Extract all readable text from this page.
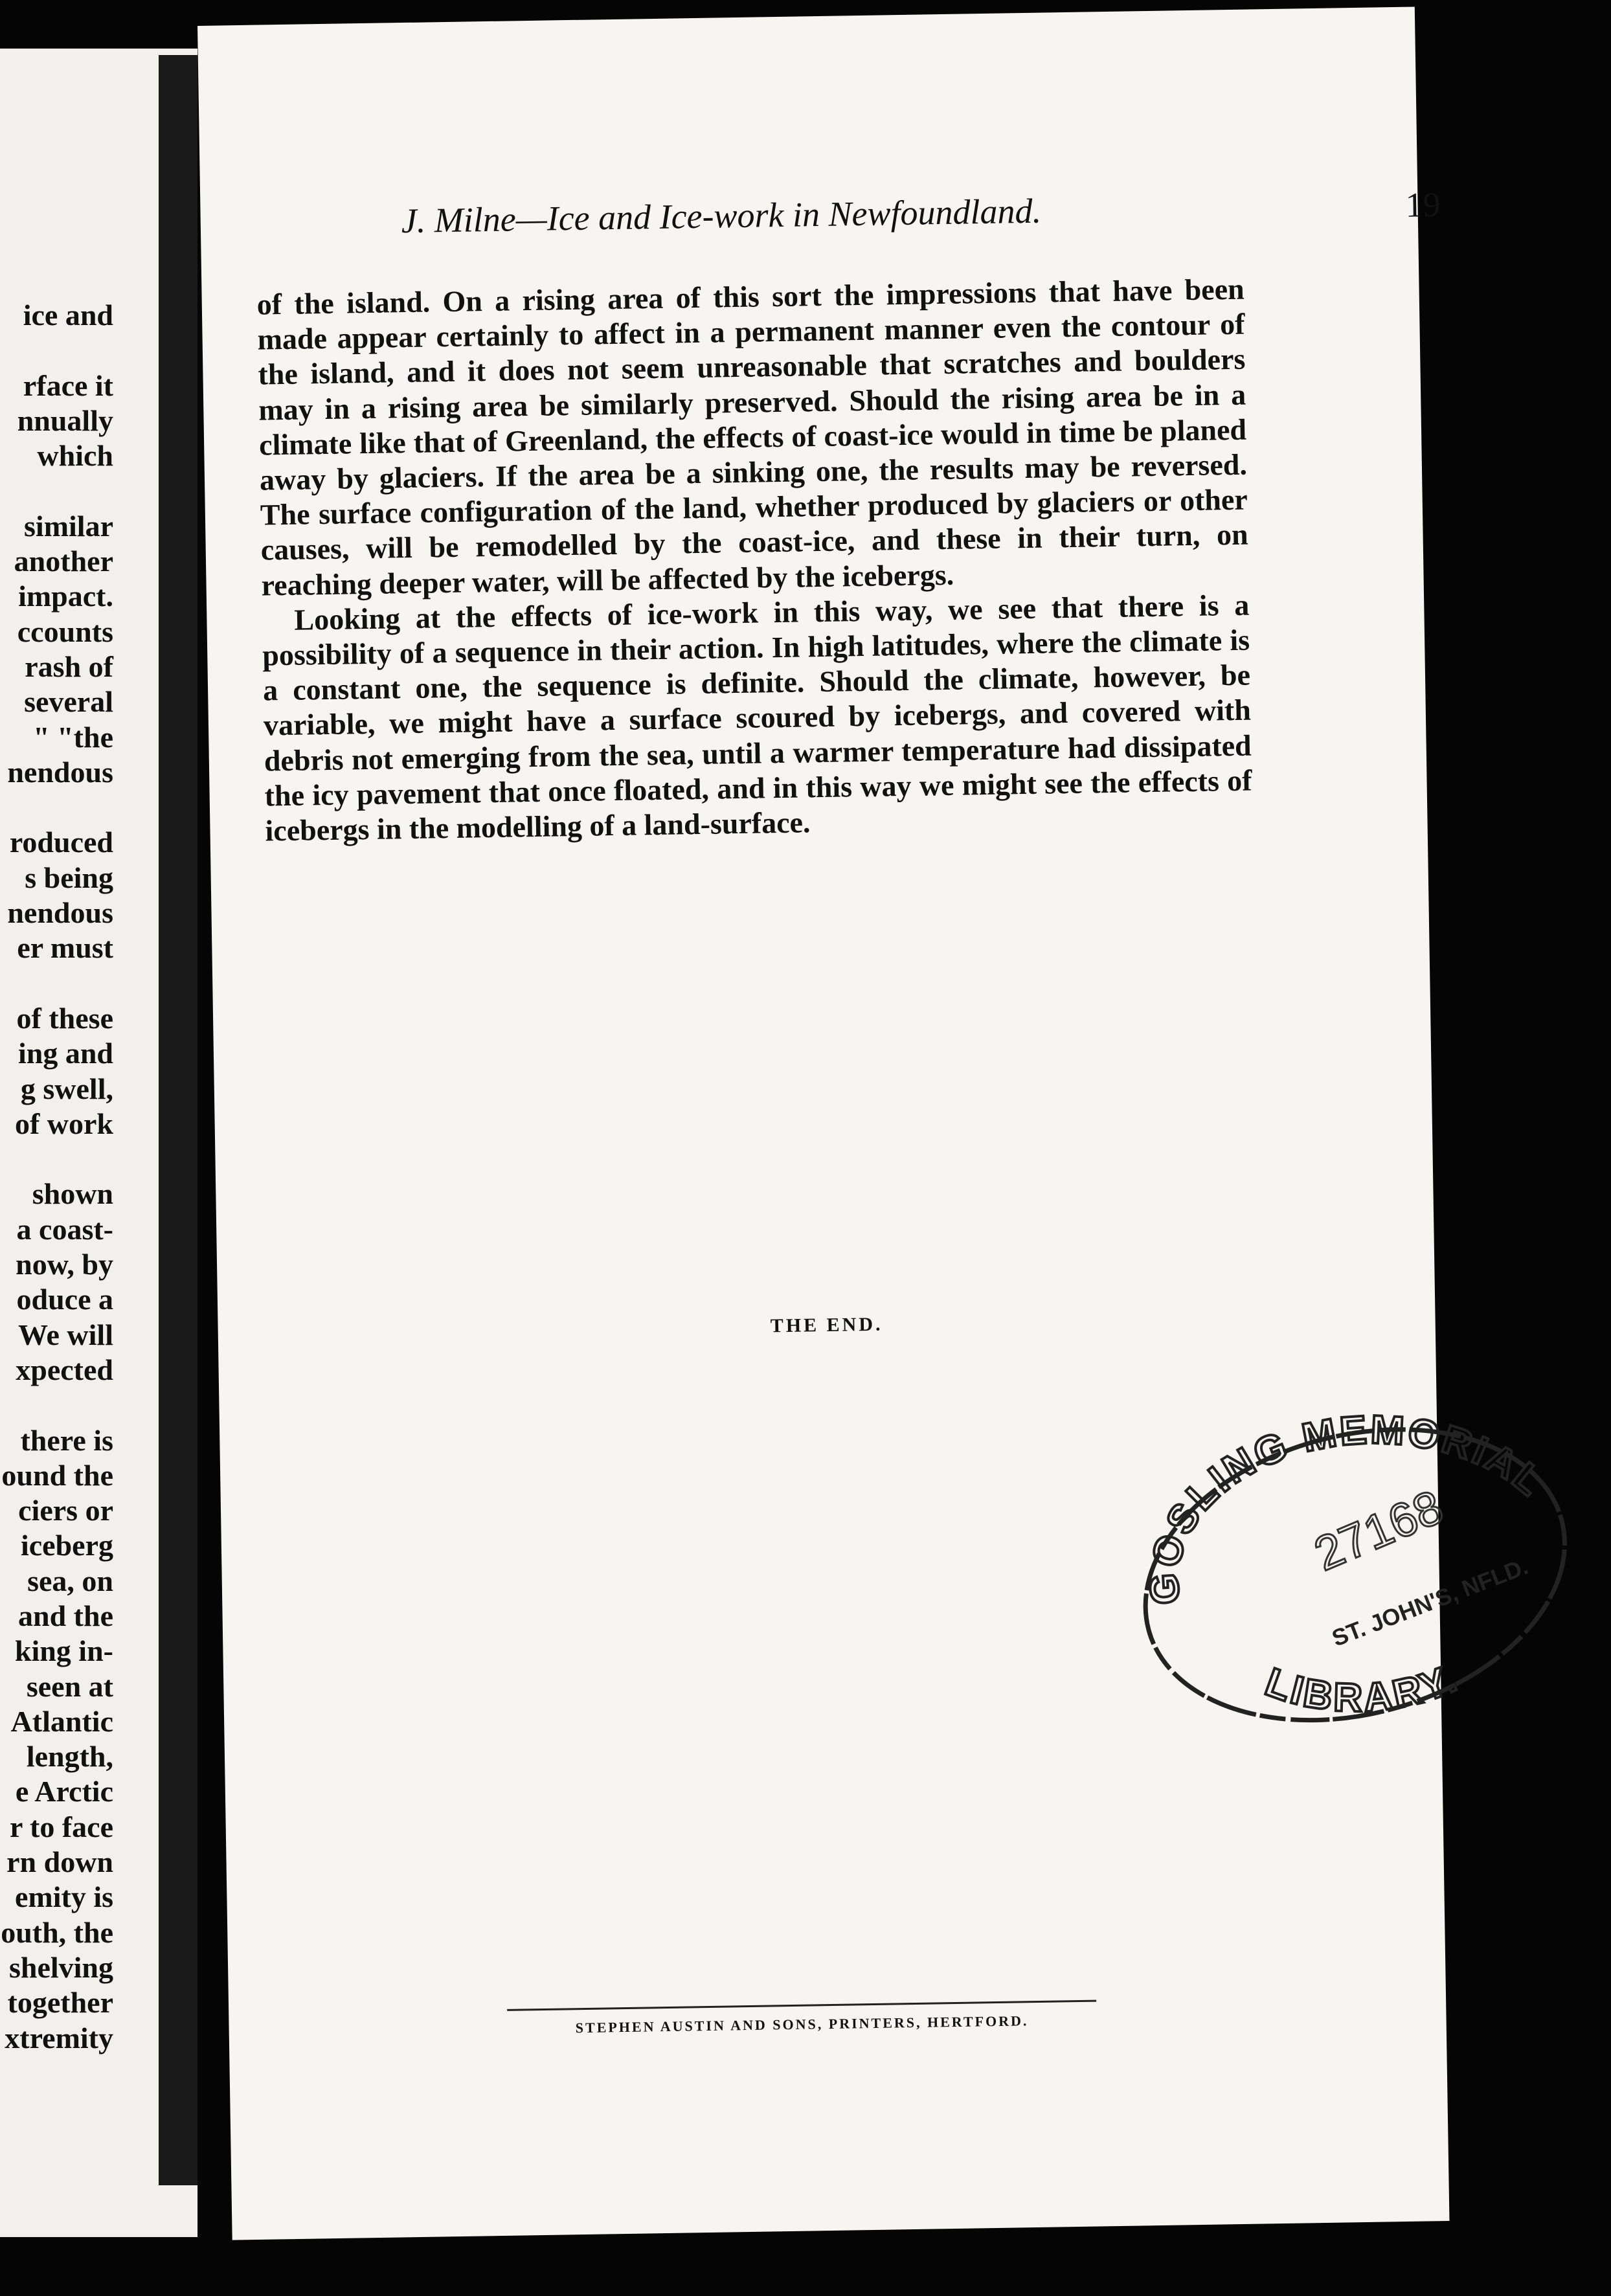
ice and
rface it
nnually
which
similar
another
impact.
ccounts
rash of
several
" "the
nendous
roduced
s being
nendous
er must
of these
ing and
g swell,
of work
shown
a coast-
now, by
oduce a
We will
xpected
there is
ound the
ciers or
iceberg
sea, on
and the
king in-
seen at
Atlantic
length,
e Arctic
r to face
rn down
emity is
outh, the
shelving
together
xtremity
J. Milne—Ice and Ice-work in Newfoundland.	19

of the island. On a rising area of this sort the impressions that have been made appear certainly to affect in a permanent manner even the contour of the island, and it does not seem unreasonable that scratches and boulders may in a rising area be similarly preserved. Should the rising area be in a climate like that of Greenland, the effects of coast-ice would in time be planed away by glaciers. If the area be a sinking one, the results may be reversed. The surface configuration of the land, whether produced by glaciers or other causes, will be remodelled by the coast-ice, and these in their turn, on reaching deeper water, will be affected by the icebergs.

Looking at the effects of ice-work in this way, we see that there is a possibility of a sequence in their action. In high latitudes, where the climate is a constant one, the sequence is definite. Should the climate, however, be variable, we might have a surface scoured by icebergs, and covered with debris not emerging from the sea, until a warmer temperature had dissipated the icy pavement that once floated, and in this way we might see the effects of icebergs in the modelling of a land-surface.

THE END.
STEPHEN AUSTIN AND SONS, PRINTERS, HERTFORD.
GOSLING MEMORIAL
27168
ST. JOHN'S, NFLD.
LIBRARY.
